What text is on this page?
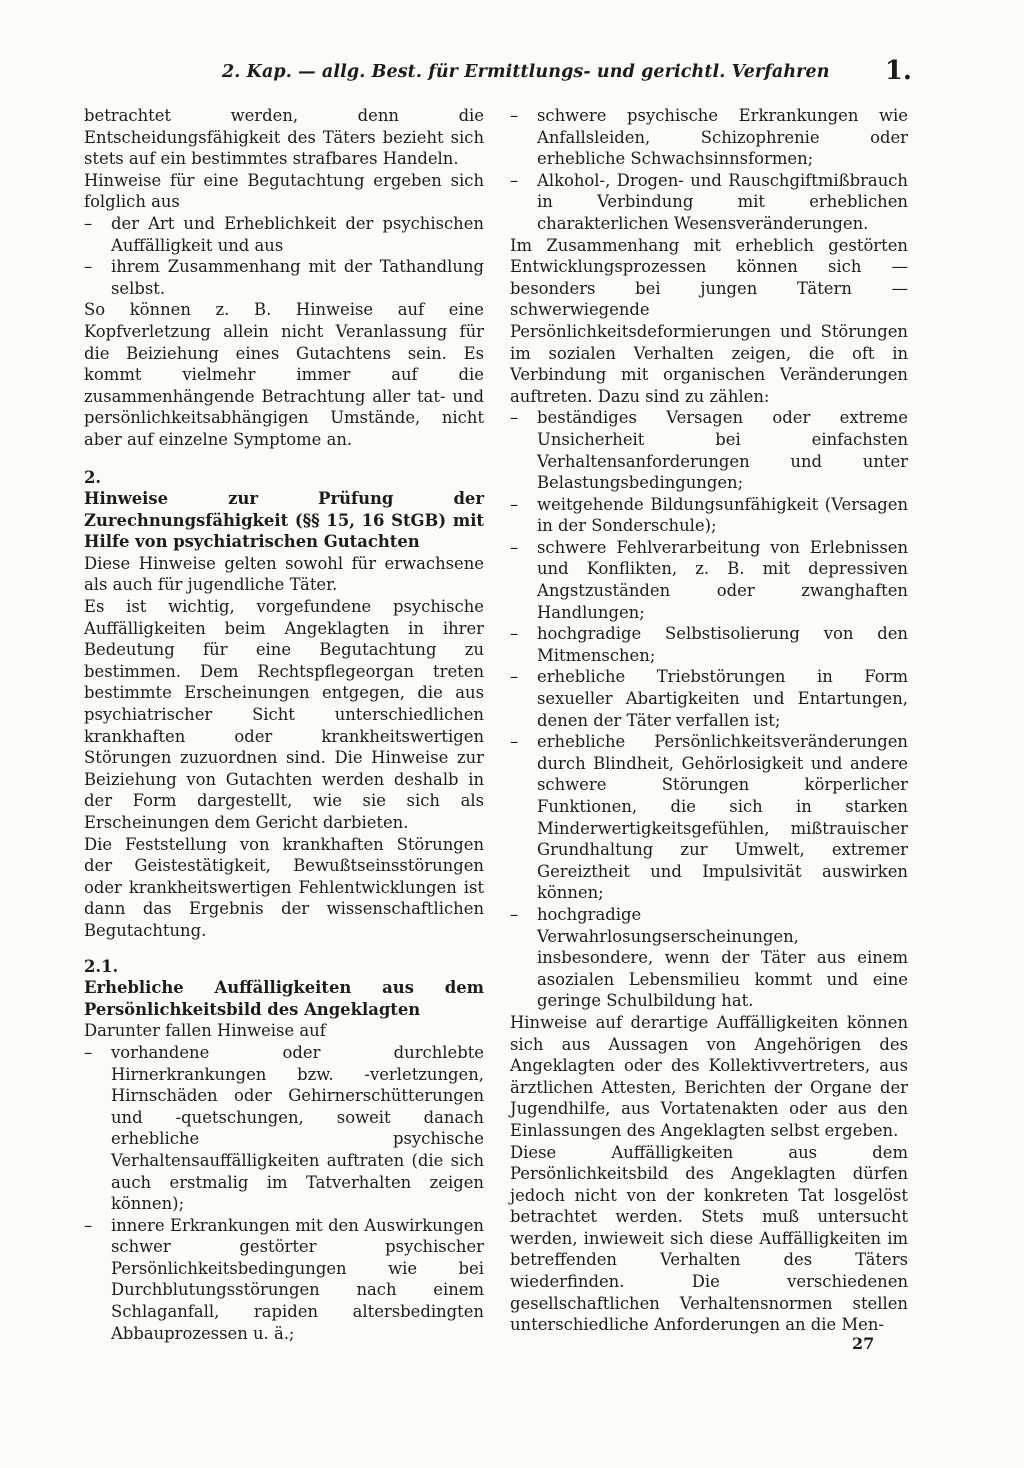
2. Kap. — allg. Best. für Ermittlungs- und gerichtl. Verfahren 1.

betrachtet werden, denn die Entscheidungsfähigkeit des Täters bezieht sich stets auf ein bestimmtes strafbares Handeln.

Hinweise für eine Begutachtung ergeben sich folglich aus

– der Art und Erheblichkeit der psychischen Auffälligkeit und aus
– ihrem Zusammenhang mit der Tathandlung selbst.

So können z. B. Hinweise auf eine Kopfverletzung allein nicht Veranlassung für die Beiziehung eines Gutachtens sein. Es kommt vielmehr immer auf die zusammenhängende Betrachtung aller tat- und persönlichkeitsabhängigen Umstände, nicht aber auf einzelne Symptome an.

2.
Hinweise zur Prüfung der Zurechnungsfähigkeit (§§ 15, 16 StGB) mit Hilfe von psychiatrischen Gutachten

Diese Hinweise gelten sowohl für erwachsene als auch für jugendliche Täter.

Es ist wichtig, vorgefundene psychische Auffälligkeiten beim Angeklagten in ihrer Bedeutung für eine Begutachtung zu bestimmen. Dem Rechtspflegeorgan treten bestimmte Erscheinungen entgegen, die aus psychiatrischer Sicht unterschiedlichen krankhaften oder krankheitswertigen Störungen zuzuordnen sind. Die Hinweise zur Beiziehung von Gutachten werden deshalb in der Form dargestellt, wie sie sich als Erscheinungen dem Gericht darbieten.

Die Feststellung von krankhaften Störungen der Geistestätigkeit, Bewußtseinsstörungen oder krankheitswertigen Fehlentwicklungen ist dann das Ergebnis der wissenschaftlichen Begutachtung.

2.1.
Erhebliche Auffälligkeiten aus dem Persönlichkeitsbild des Angeklagten

Darunter fallen Hinweise auf

– vorhandene oder durchlebte Hirnerkrankungen bzw. -verletzungen, Hirnschäden oder Gehirnerschütterungen und -quetschungen, soweit danach erhebliche psychische Verhaltensauffälligkeiten auftraten (die sich auch erstmalig im Tatverhalten zeigen können);
– innere Erkrankungen mit den Auswirkungen schwer gestörter psychischer Persönlichkeitsbedingungen wie bei Durchblutungsstörungen nach einem Schlaganfall, rapiden altersbedingten Abbauprozessen u. ä.;
– schwere psychische Erkrankungen wie Anfallsleiden, Schizophrenie oder erhebliche Schwachsinnsformen;
– Alkohol-, Drogen- und Rauschgiftmißbrauch in Verbindung mit erheblichen charakterlichen Wesensveränderungen.

Im Zusammenhang mit erheblich gestörten Entwicklungsprozessen können sich — besonders bei jungen Tätern — schwerwiegende Persönlichkeitsdeformierungen und Störungen im sozialen Verhalten zeigen, die oft in Verbindung mit organischen Veränderungen auftreten. Dazu sind zu zählen:

– beständiges Versagen oder extreme Unsicherheit bei einfachsten Verhaltensanforderungen und unter Belastungsbedingungen;
– weitgehende Bildungsunfähigkeit (Versagen in der Sonderschule);
– schwere Fehlverarbeitung von Erlebnissen und Konflikten, z. B. mit depressiven Angstzuständen oder zwanghaften Handlungen;
– hochgradige Selbstisolierung von den Mitmenschen;
– erhebliche Triebstörungen in Form sexueller Abartigkeiten und Entartungen, denen der Täter verfallen ist;
– erhebliche Persönlichkeitsveränderungen durch Blindheit, Gehörlosigkeit und andere schwere Störungen körperlicher Funktionen, die sich in starken Minderwertigkeitsgefühlen, mißtrauischer Grundhaltung zur Umwelt, extremer Gereiztheit und Impulsivität auswirken können;
– hochgradige Verwahrlosungserscheinungen, insbesondere, wenn der Täter aus einem asozialen Lebensmilieu kommt und eine geringe Schulbildung hat.

Hinweise auf derartige Auffälligkeiten können sich aus Aussagen von Angehörigen des Angeklagten oder des Kollektivvertreters, aus ärztlichen Attesten, Berichten der Organe der Jugendhilfe, aus Vortatenakten oder aus den Einlassungen des Angeklagten selbst ergeben.

Diese Auffälligkeiten aus dem Persönlichkeitsbild des Angeklagten dürfen jedoch nicht von der konkreten Tat losgelöst betrachtet werden. Stets muß untersucht werden, inwieweit sich diese Auffälligkeiten im betreffenden Verhalten des Täters wiederfinden. Die verschiedenen gesellschaftlichen Verhaltensnormen stellen unterschiedliche Anforderungen an die Men-

27
